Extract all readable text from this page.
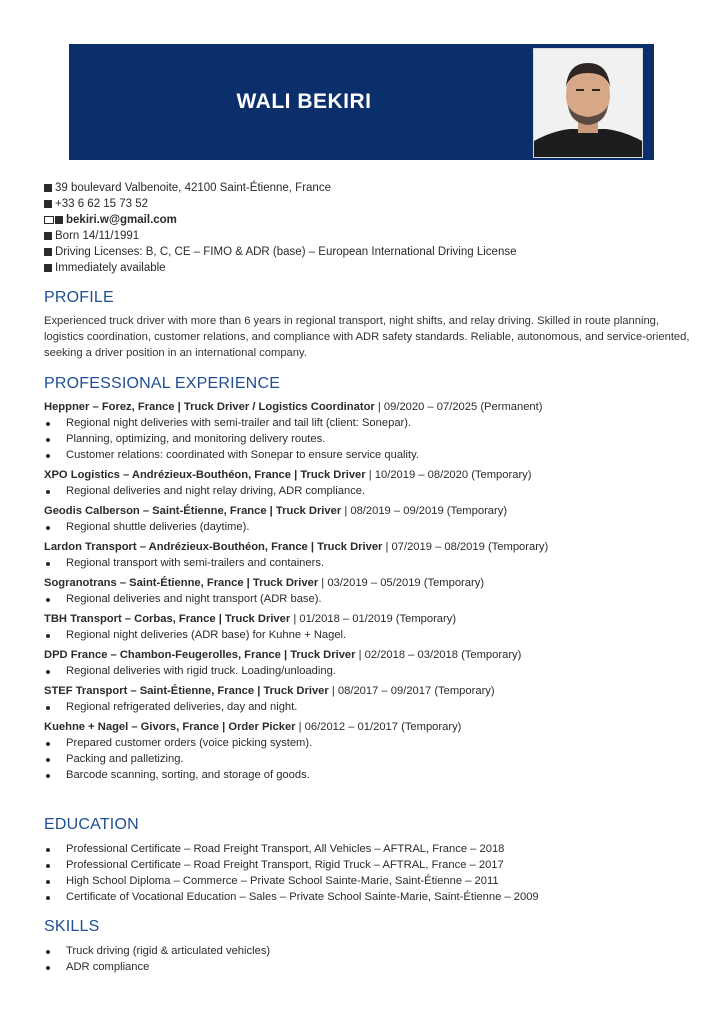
WALI BEKIRI
39 boulevard Valbenoite, 42100 Saint-Étienne, France
+33 6 62 15 73 52
bekiri.w@gmail.com
Born 14/11/1991
Driving Licenses: B, C, CE – FIMO & ADR (base) – European International Driving License
Immediately available
PROFILE
Experienced truck driver with more than 6 years in regional transport, night shifts, and relay driving. Skilled in route planning, logistics coordination, customer relations, and compliance with ADR safety standards. Reliable, autonomous, and service-oriented, seeking a driver position in an international company.
PROFESSIONAL EXPERIENCE
Heppner – Forez, France | Truck Driver / Logistics Coordinator | 09/2020 – 07/2025 (Permanent)
Regional night deliveries with semi-trailer and tail lift (client: Sonepar).
Planning, optimizing, and monitoring delivery routes.
Customer relations: coordinated with Sonepar to ensure service quality.
XPO Logistics – Andrézieux-Bouthéon, France | Truck Driver | 10/2019 – 08/2020 (Temporary)
Regional deliveries and night relay driving, ADR compliance.
Geodis Calberson – Saint-Étienne, France | Truck Driver | 08/2019 – 09/2019 (Temporary)
Regional shuttle deliveries (daytime).
Lardon Transport – Andrézieux-Bouthéon, France | Truck Driver | 07/2019 – 08/2019 (Temporary)
Regional transport with semi-trailers and containers.
Sogranotrans – Saint-Étienne, France | Truck Driver | 03/2019 – 05/2019 (Temporary)
Regional deliveries and night transport (ADR base).
TBH Transport – Corbas, France | Truck Driver | 01/2018 – 01/2019 (Temporary)
Regional night deliveries (ADR base) for Kuhne + Nagel.
DPD France – Chambon-Feugerolles, France | Truck Driver | 02/2018 – 03/2018 (Temporary)
Regional deliveries with rigid truck. Loading/unloading.
STEF Transport – Saint-Étienne, France | Truck Driver | 08/2017 – 09/2017 (Temporary)
Regional refrigerated deliveries, day and night.
Kuehne + Nagel – Givors, France | Order Picker | 06/2012 – 01/2017 (Temporary)
Prepared customer orders (voice picking system).
Packing and palletizing.
Barcode scanning, sorting, and storage of goods.
EDUCATION
Professional Certificate – Road Freight Transport, All Vehicles – AFTRAL, France – 2018
Professional Certificate – Road Freight Transport, Rigid Truck – AFTRAL, France – 2017
High School Diploma – Commerce – Private School Sainte-Marie, Saint-Étienne – 2011
Certificate of Vocational Education – Sales – Private School Sainte-Marie, Saint-Étienne – 2009
SKILLS
Truck driving (rigid & articulated vehicles)
ADR compliance
